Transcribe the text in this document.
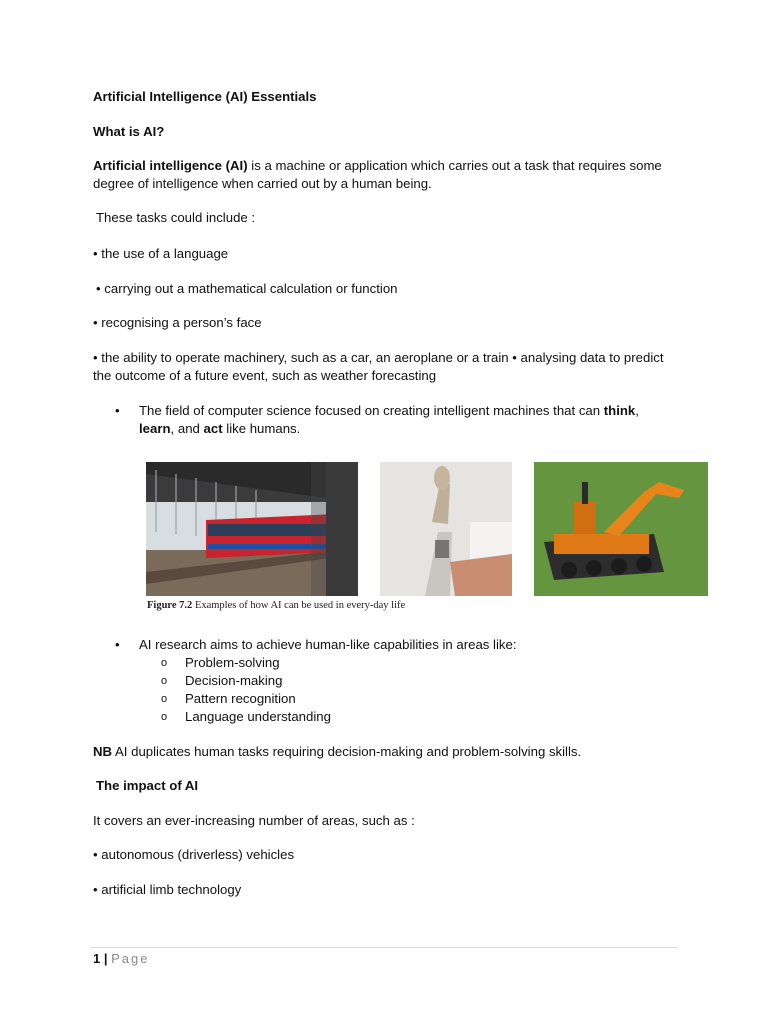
Artificial Intelligence (AI) Essentials
What is AI?
Artificial intelligence (AI) is a machine or application which carries out a task that requires some degree of intelligence when carried out by a human being.
These tasks could include :
• the use of a language
• carrying out a mathematical calculation or function
• recognising a person’s face
• the ability to operate machinery, such as a car, an aeroplane or a train • analysing data to predict the outcome of a future event, such as weather forecasting
• The field of computer science focused on creating intelligent machines that can think, learn, and act like humans.
• AI research aims to achieve human-like capabilities in areas like:
o Problem-solving
o Decision-making
o Pattern recognition
o Language understanding
NB AI duplicates human tasks requiring decision-making and problem-solving skills.
The impact of AI
It covers an ever-increasing number of areas, such as :
• autonomous (driverless) vehicles
• artificial limb technology
Figure 7.2 Examples of how AI can be used in every-day life
1 | Page
